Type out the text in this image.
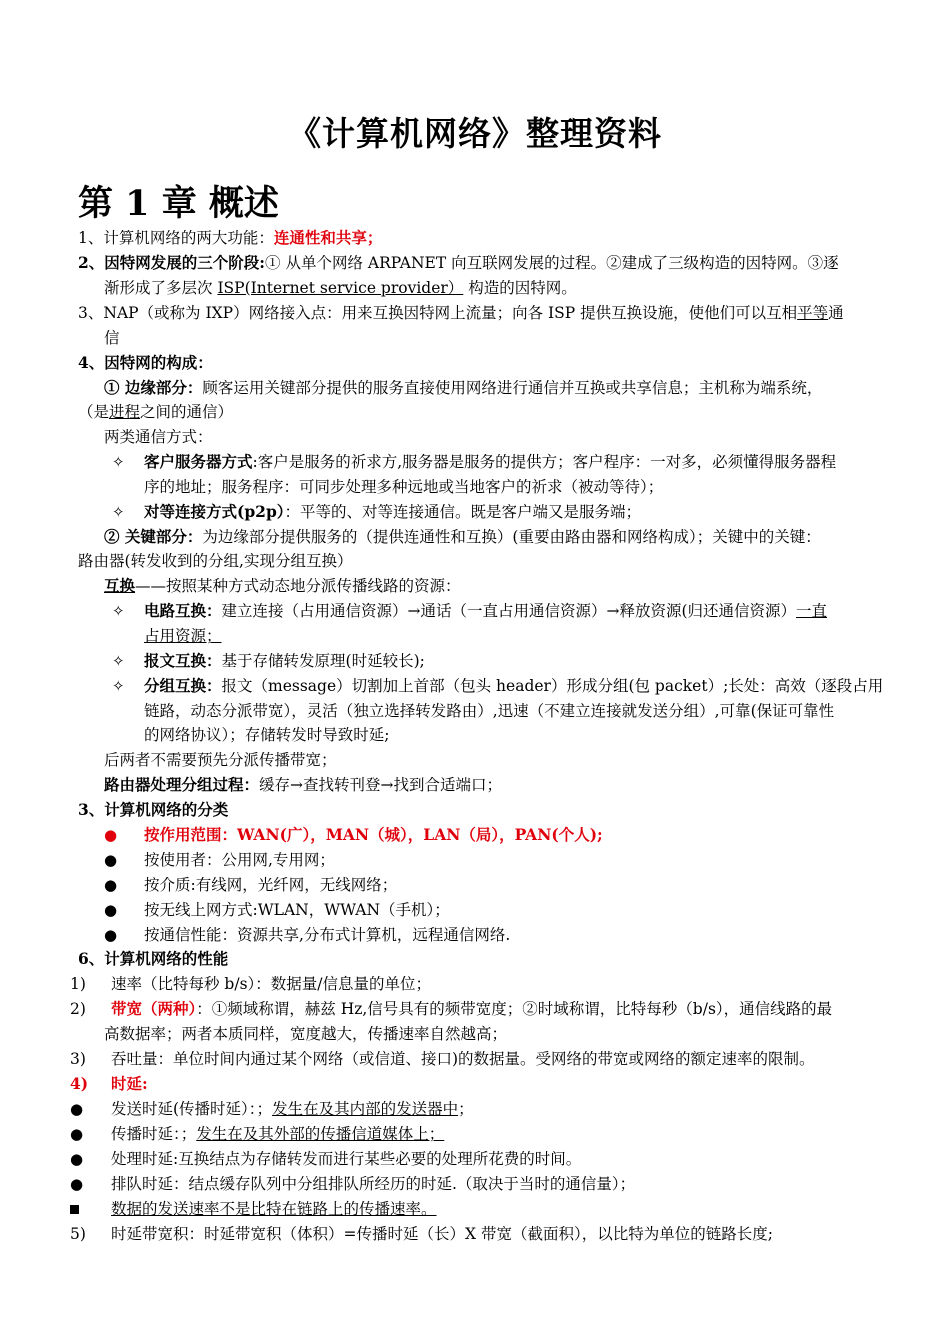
《计算机网络》整理资料
第 1 章 概述
1、计算机网络的两大功能：连通性和共享；
2、因特网发展的三个阶段:① 从单个网络 ARPANET 向互联网发展的过程。②建成了三级构造的因特网。③逐
渐形成了多层次 ISP(Internet service provider） 构造的因特网。
3、NAP（或称为 IXP）网络接入点：用来互换因特网上流量；向各 ISP 提供互换设施，使他们可以互相平等通
信
4、因特网的构成：
① 边缘部分：顾客运用关键部分提供的服务直接使用网络进行通信并互换或共享信息；主机称为端系统，
（是进程之间的通信）
两类通信方式：
✧ 客户服务器方式:客户是服务的祈求方,服务器是服务的提供方；客户程序：一对多，必须懂得服务器程
序的地址；服务程序：可同步处理多种远地或当地客户的祈求（被动等待）；
✧ 对等连接方式(p2p）：平等的、对等连接通信。既是客户端又是服务端；
② 关键部分：为边缘部分提供服务的（提供连通性和互换）(重要由路由器和网络构成）；关键中的关键：
路由器(转发收到的分组,实现分组互换）
互换——按照某种方式动态地分派传播线路的资源：
✧ 电路互换：建立连接（占用通信资源）→通话（一直占用通信资源）→释放资源(归还通信资源）一直
占用资源；
✧ 报文互换：基于存储转发原理(时延较长);
✧ 分组互换：报文（message）切割加上首部（包头 header）形成分组(包 packet）;长处：高效（逐段占用
链路，动态分派带宽），灵活（独立选择转发路由）,迅速（不建立连接就发送分组）,可靠(保证可靠性
的网络协议）；存储转发时导致时延;
后两者不需要预先分派传播带宽；
路由器处理分组过程：缓存→查找转刊登→找到合适端口；
3、计算机网络的分类
● 按作用范围：WAN(广），MAN（城），LAN（局），PAN(个人);
● 按使用者：公用网,专用网；
● 按介质:有线网，光纤网，无线网络；
● 按无线上网方式:WLAN，WWAN（手机）；
● 按通信性能：资源共享,分布式计算机，远程通信网络.
6、计算机网络的性能
1) 速率（比特每秒 b/s）：数据量/信息量的单位；
2) 带宽（两种）：①频域称谓，赫兹 Hz,信号具有的频带宽度；②时域称谓，比特每秒（b/s），通信线路的最
高数据率；两者本质同样，宽度越大，传播速率自然越高；
3) 吞吐量：单位时间内通过某个网络（或信道、接口)的数据量。受网络的带宽或网络的额定速率的限制。
4) 时延:
● 发送时延(传播时延）：；发生在及其内部的发送器中；
● 传播时延：；发生在及其外部的传播信道媒体上；
● 处理时延:互换结点为存储转发而进行某些必要的处理所花费的时间。
● 排队时延：结点缓存队列中分组排队所经历的时延.（取决于当时的通信量）；
数据的发送速率不是比特在链路上的传播速率。
5) 时延带宽积：时延带宽积（体积）=传播时延（长）X 带宽（截面积），以比特为单位的链路长度;
